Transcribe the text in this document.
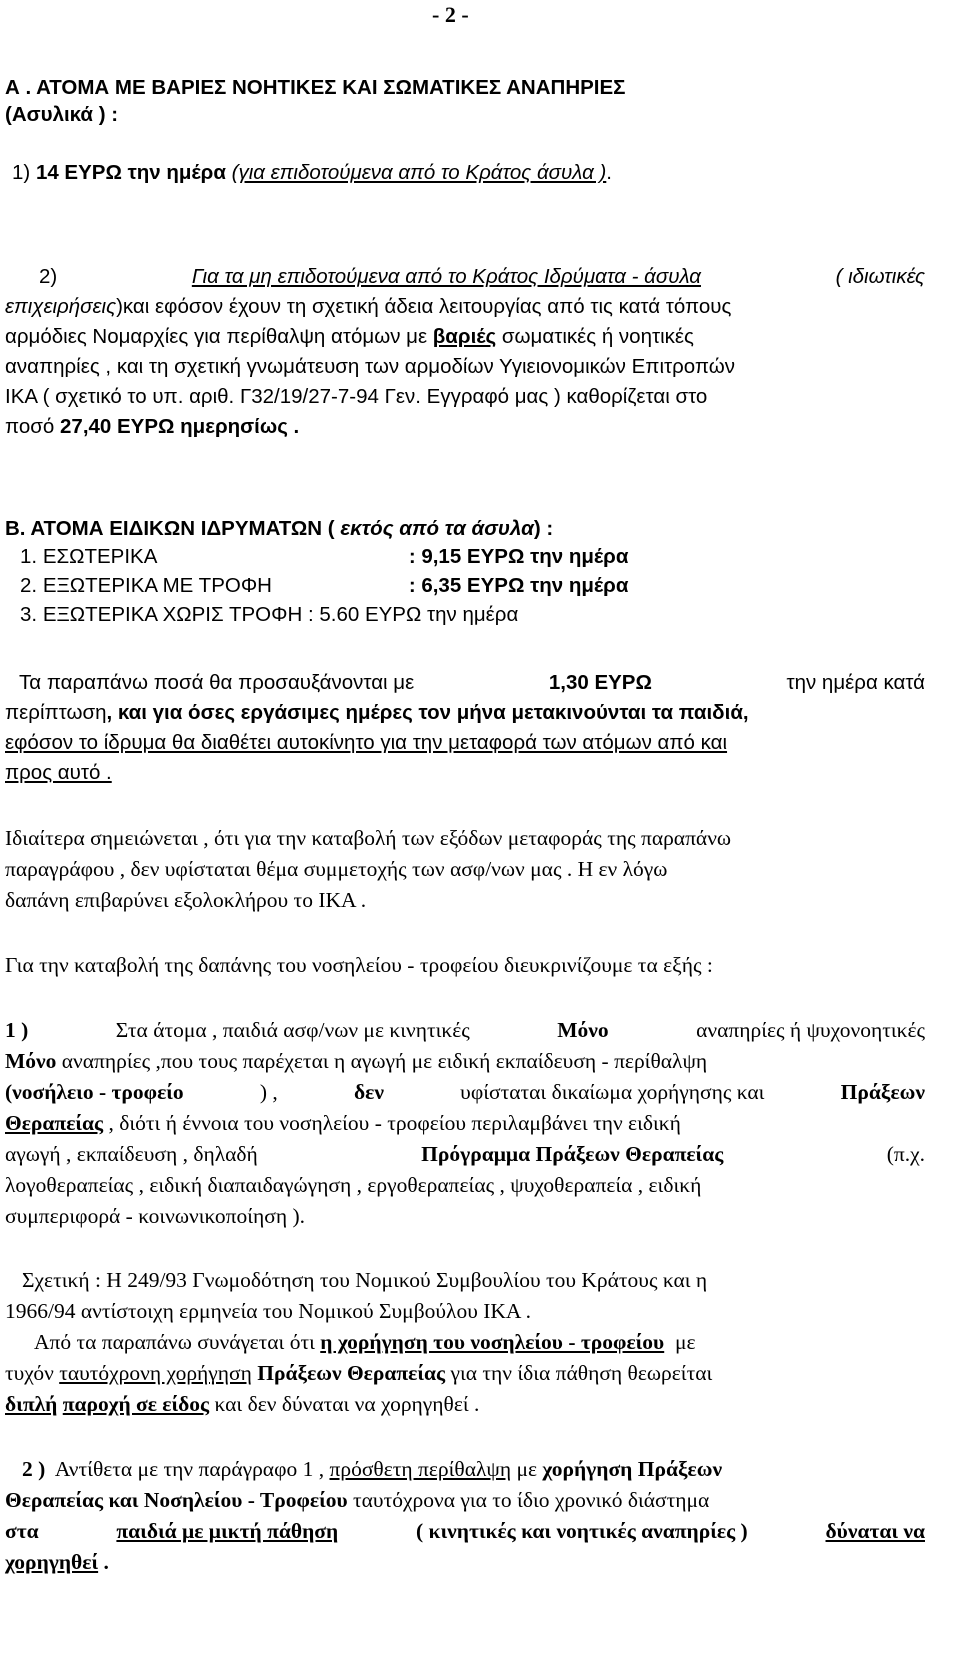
- 2 -
Α . ΑΤΟΜΑ ΜΕ ΒΑΡΙΕΣ ΝΟΗΤΙΚΕΣ ΚΑΙ ΣΩΜΑΤΙΚΕΣ ΑΝΑΠΗΡΙΕΣ
(Ασυλικά ) :
1) 14 ΕΥΡΩ την ημέρα (για επιδοτούμενα από το Κράτος άσυλα ).
2)	Για τα μη επιδοτούμενα από το Κράτος Ιδρύματα - άσυλα	( ιδιωτικές
επιχειρήσεις)και εφόσον έχουν τη σχετική άδεια λειτουργίας από τις κατά τόπους
αρμόδιες Νομαρχίες για περίθαλψη ατόμων με βαριές σωματικές ή νοητικές
αναπηρίες , και τη σχετική γνωμάτευση των αρμοδίων Υγιειονομικών Επιτροπών
ΙΚΑ ( σχετικό το υπ. αριθ. Γ32/19/27-7-94 Γεν. Εγγραφό μας ) καθορίζεται στο
ποσό 27,40 ΕΥΡΩ ημερησίως .
Β. ΑΤΟΜΑ ΕΙΔΙΚΩΝ ΙΔΡΥΜΑΤΩΝ ( εκτός από τα άσυλα) :
1. ΕΣΩΤΕΡΙΚΑ	: 9,15 ΕΥΡΩ την ημέρα
2. ΕΞΩΤΕΡΙΚΑ ΜΕ ΤΡΟΦΗ	: 6,35 ΕΥΡΩ την ημέρα
3. ΕΞΩΤΕΡΙΚΑ ΧΩΡΙΣ ΤΡΟΦΗ : 5.60 ΕΥΡΩ την ημέρα
Τα παραπάνω ποσά θα προσαυξάνονται με	1,30 ΕΥΡΩ	την ημέρα κατά
περίπτωση, και για όσες εργάσιμες ημέρες τον μήνα μετακινούνται τα παιδιά,
εφόσον το ίδρυμα θα διαθέτει αυτοκίνητο για την μεταφορά των ατόμων από και
προς αυτό .
Ιδιαίτερα σημειώνεται , ότι για την καταβολή των εξόδων μεταφοράς της παραπάνω
παραγράφου , δεν υφίσταται θέμα συμμετοχής των ασφ/νων μας . Η εν λόγω
δαπάνη επιβαρύνει εξολοκλήρου το ΙΚΑ .
Για την καταβολή της δαπάνης του νοσηλείου - τροφείου διευκρινίζουμε τα εξής :
1 )	Στα άτομα , παιδιά ασφ/νων με κινητικές	Μόνο	αναπηρίες ή ψυχονοητικές
Μόνο αναπηρίες ,που τους παρέχεται η αγωγή με ειδική εκπαίδευση - περίθαλψη
(νοσήλειο - τροφείο	) ,	δεν	υφίσταται δικαίωμα χορήγησης και	Πράξεων
Θεραπείας , διότι ή έννοια του νοσηλείου - τροφείου περιλαμβάνει την ειδική
αγωγή , εκπαίδευση , δηλαδή	Πρόγραμμα Πράξεων Θεραπείας	(π.χ.
λογοθεραπείας , ειδική διαπαιδαγώγηση , εργοθεραπείας , ψυχοθεραπεία , ειδική
συμπεριφορά - κοινωνικοποίηση ).
Σχετική : Η 249/93 Γνωμοδότηση του Νομικού Συμβουλίου του Κράτους και η
1966/94 αντίστοιχη ερμηνεία του Νομικού Συμβούλου ΙΚΑ .
Από τα παραπάνω συνάγεται ότι η χορήγηση του νοσηλείου - τροφείου με
τυχόν ταυτόχρονη χορήγηση Πράξεων Θεραπείας για την ίδια πάθηση θεωρείται
διπλή παροχή σε είδος και δεν δύναται να χορηγηθεί .
2 ) Αντίθετα με την παράγραφο 1 , πρόσθετη περίθαλψη με χορήγηση Πράξεων
Θεραπείας και Νοσηλείου - Τροφείου ταυτόχρονα για το ίδιο χρονικό διάστημα
στα	παιδιά με μικτή πάθηση	( κινητικές και νοητικές αναπηρίες )	δύναται να
χορηγηθεί .
